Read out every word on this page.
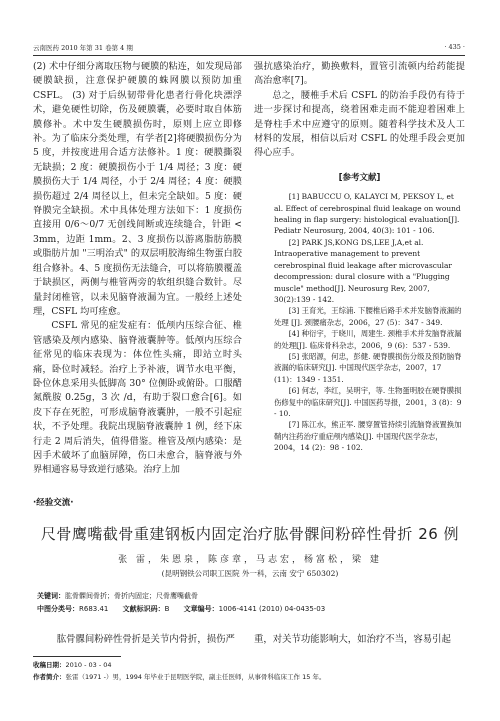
云南医药 2010 年第 31 卷第 4 期	· 435 ·

(2) 术中仔细分离取压物与硬膜的粘连，如发现局部硬膜缺损，注意保护硬膜的蛛网膜以预防加重 CSFL。 (3) 对于后纵韧带骨化患者行骨化块漂浮术，避免硬性切除，伤及硬膜囊，必要时取自体筋膜修补。术中发生硬膜损伤时，原则上应立即修补。为了临床分类处理，有学者[2]将硬膜损伤分为 5 度，并按度进用合适方法修补。1 度：硬膜撕裂无缺损；2 度：硬膜损伤小于 1/4 周径；3 度：硬膜损伤大于 1/4 周径，小于 2/4 周径；4 度：硬膜损伤超过 2/4 周径以上，但未完全缺如。5 度：硬脊膜完全缺损。术中具体处理方法如下：1 度损伤直接用 0/6～0/7 无创线间断或连续缝合，针距 < 3mm，边距 1mm。2、3 度损伤以游离脂肪筋膜或脂肪片加 "三明治式" 的双层明胶海绵生物蛋白胶组合修补。4、5 度损伤无法缝合，可以将筋膜覆盖于缺损区，两侧与椎管两旁的软组织缝合数针。尽量封闭椎管，以未见脑脊液漏为宜。一般经上述处理，CSFL 均可痊愈。

CSFL 常见的症发症有：低颅内压综合征、椎管感染及颅内感染、脑脊液囊肿等。低颅内压综合征常见的临床表现为：体位性头痛，即站立时头痛，卧位时减轻。治疗上予补液，调节水电平衡，卧位休息采用头低脚高 30° 位侧卧或俯卧。口服醋氮酰胺 0.25g，3 次 /d，有助于裂口愈合[6]。如皮下存在死腔，可形成脑脊液囊肿，一般不引起症状，不予处理。我院出现脑脊液囊肿 1 例，经下床行走 2 周后消失，值得借鉴。椎管及颅内感染：是因手术破坏了血脑屏障，伤口未愈合，脑脊液与外界相通容易导致逆行感染。治疗上加

强抗感染治疗，勤换敷料，置管引流顿内给药能提高治愈率[7]。

总之，腰椎手术后 CSFL 的防治手段仍有待于进一步探讨和提高，绕着困难走而不能迎着困难上是脊柱手术中应遵守的原则。随着科学技术及人工材料的发展，相信以后对 CSFL 的处理手段会更加得心应手。

[参考文献]

[1] BABUCCU O, KALAYCI M, PEKSOY L, et al. Effect of cerebrospinal fluid leakage on wound healing in flap surgery: histological evaluation[J]. Pediatr Neurosurg, 2004, 40(3): 101 - 106.

[2] PARK JS,KONG DS,LEE J,A,et al. Intraoperative management to prevent cerebrospinal fluid leakage after microvascular decompression: dural closure with a "Plugging muscle" method[J]. Neurosurg Rev, 2007, 30(2):139 - 142.

[3] 王育光，王综浦. 下腰椎后路手术并发脑脊液漏的处理 [J]. 颈腰痛杂志，2006，27 (5)：347 - 349.

[4] 种衍宇，于晓川，周建生. 颈椎手术并发脑脊液漏的处理[J]. 临床骨科杂志，2006，9 (6)：537 - 539.

[5] 张昭源，何忠，彭健. 硬脊膜损伤分级及预防脑脊液漏的临床研究[J]. 中国现代医学杂志，2007，17 (11)：1349 - 1351.

[6] 何志，李红，吴明宇，等. 生物蛋明胶在硬脊膜损伤修复中的临床研究[J]. 中国医药导报，2001，3 (8)：9 - 10.

[7] 陈江水，熊正军. 腰穿置管持续引流脑脊液置换加鞘内注药治疗重症颅内感染[J]. 中国现代医学杂志，2004，14 (2)：98 - 102.

·经验交流·
尺骨鹰嘴截骨重建钢板内固定治疗肱骨髁间粉碎性骨折 26 例
张 雷，朱恩泉，陈彦章，马志宏，杨富松，梁 建
(昆明钢铁公司职工医院 外一科，云南 安宁 650302)
关键词：肱骨髁间骨折；骨折内固定；尺骨鹰嘴截骨
中图分类号：R683.41 文献标识码：B 文章编号：1006-4141 (2010) 04-0435-03
肱骨髁间粉碎性骨折是关节内骨折，损伤严	重，对关节功能影响大，如治疗不当，容易引起
收稿日期：2010 - 03 - 04
作者简介：张雷（1971 -）男，1994 年毕业于昆明医学院，副主任医师，从事骨科临床工作 15 年。
